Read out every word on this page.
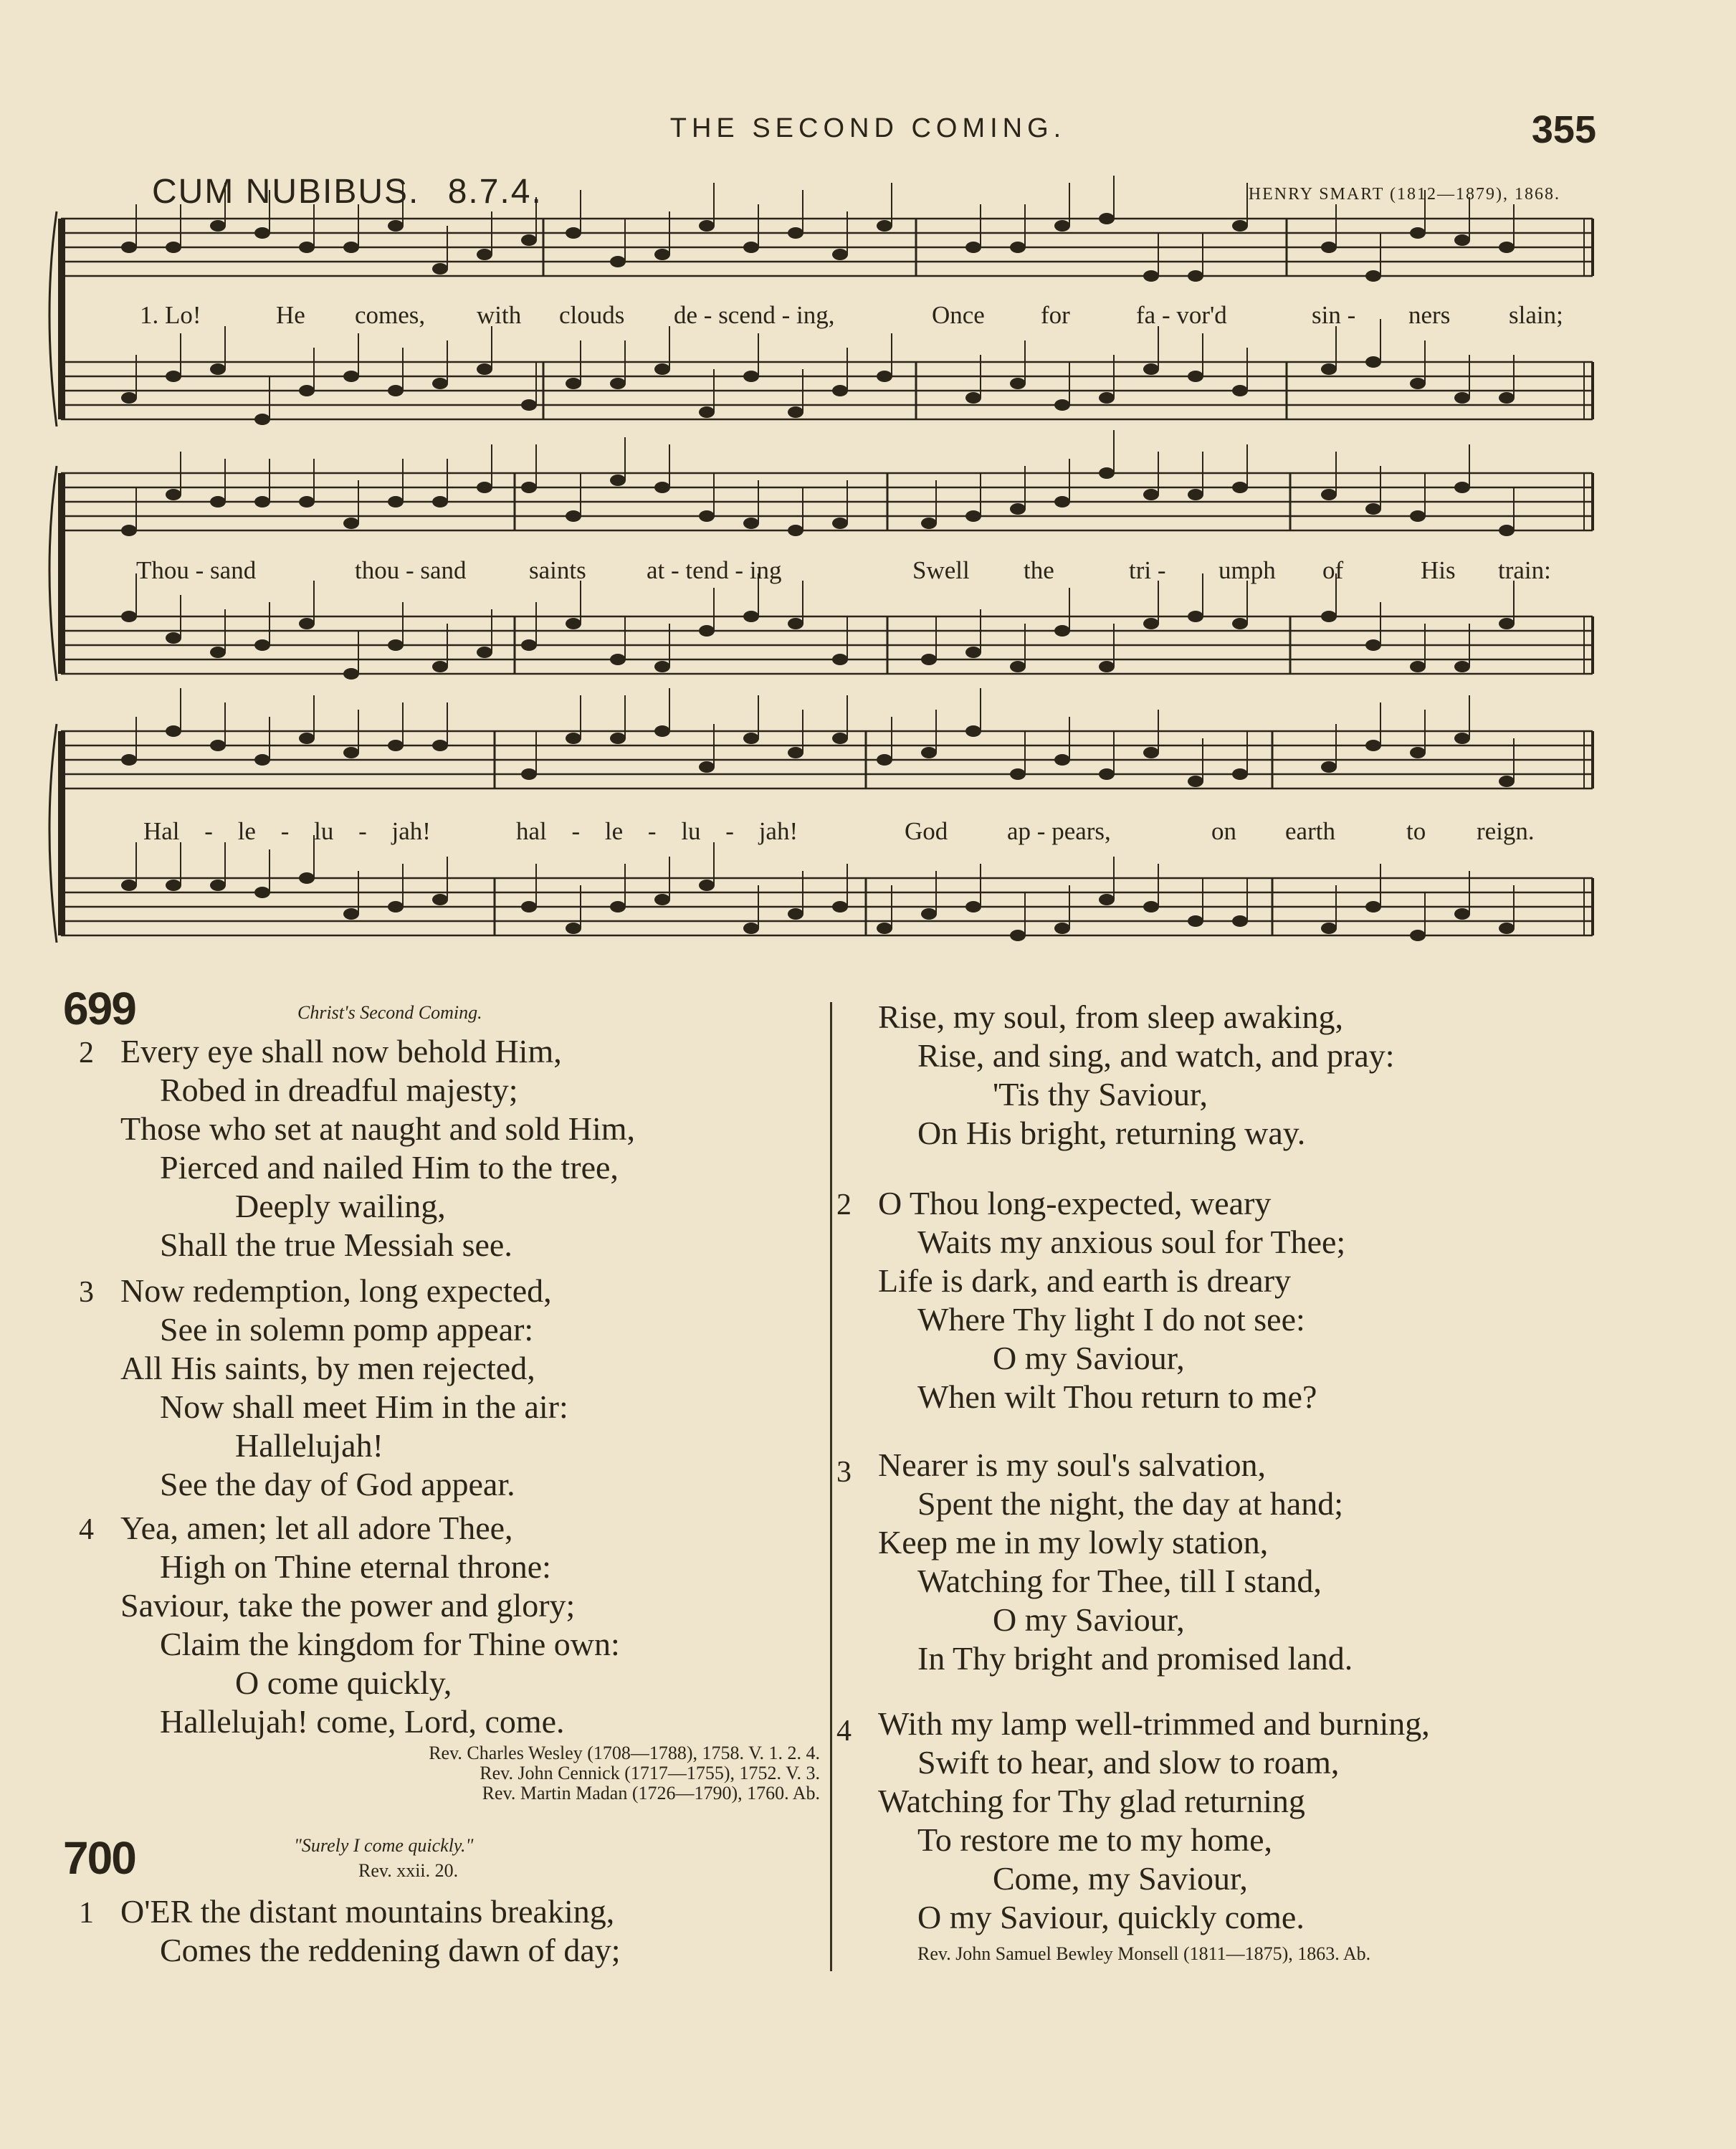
THE SECOND COMING.	355
CUM NUBIBUS. 8.7.4.	HENRY SMART (1812—1879), 1868.
1. Lo!	He comes, with clouds de - scend - ing,	Once for	fa - vor'd	sin - ners slain;
Thou - sand	thou - sand saints at - tend - ing	Swell the	tri - umph of	His train:
Hal - le - lu - jah!	hal - le - lu - jah!	God ap - pears,	on earth	to reign.
699	Christ's Second Coming.
2 Every eye shall now behold Him,
Robed in dreadful majesty;
Those who set at naught and sold Him,
Pierced and nailed Him to the tree,
Deeply wailing,
Shall the true Messiah see.
3 Now redemption, long expected,
See in solemn pomp appear:
All His saints, by men rejected,
Now shall meet Him in the air:
Hallelujah!
See the day of God appear.
4 Yea, amen; let all adore Thee,
High on Thine eternal throne:
Saviour, take the power and glory;
Claim the kingdom for Thine own:
O come quickly,
Hallelujah! come, Lord, come.
Rev. Charles Wesley (1708—1788), 1758. V. 1. 2. 4.
Rev. John Cennick (1717—1755), 1752. V. 3.
Rev. Martin Madan (1726—1790), 1760. Ab.
700	"Surely I come quickly."
Rev. xxii. 20.
1 O'ER the distant mountains breaking,
Comes the reddening dawn of day;
Rise, my soul, from sleep awaking,
Rise, and sing, and watch, and pray:
'Tis thy Saviour,
On His bright, returning way.
2 O Thou long-expected, weary
Waits my anxious soul for Thee;
Life is dark, and earth is dreary
Where Thy light I do not see:
O my Saviour,
When wilt Thou return to me?
3 Nearer is my soul's salvation,
Spent the night, the day at hand;
Keep me in my lowly station,
Watching for Thee, till I stand,
O my Saviour,
In Thy bright and promised land.
4 With my lamp well-trimmed and burning,
Swift to hear, and slow to roam,
Watching for Thy glad returning
To restore me to my home,
Come, my Saviour,
O my Saviour, quickly come.
Rev. John Samuel Bewley Monsell (1811—1875), 1863. Ab.
